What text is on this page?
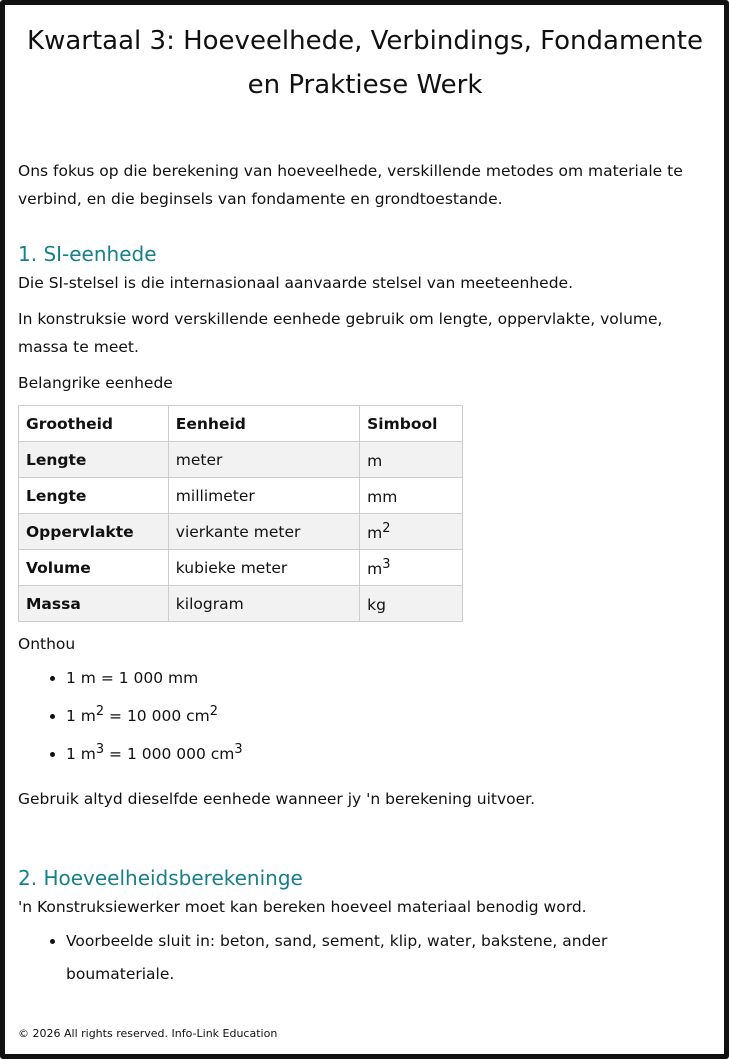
Kwartaal 3: Hoeveelhede, Verbindings, Fondamente en Praktiese Werk

Ons fokus op die berekening van hoeveelhede, verskillende metodes om materiale te verbind, en die beginsels van fondamente en grondtoestande.

1. SI-eenhede

Die SI-stelsel is die internasionaal aanvaarde stelsel van meeteenhede.

In konstruksie word verskillende eenhede gebruik om lengte, oppervlakte, volume, massa te meet.

Belangrike eenhede

Grootheid	Eenheid	Simbool
Lengte	meter	m
Lengte	millimeter	mm
Oppervlakte	vierkante meter	$m^2$
Volume	kubieke meter	$m^3$
Massa	kilogram	kg

Onthou

• 1 m = 1 000 mm
• 1 $m^2 = 10$ 000 $cm^2$
• 1 $m^3 = 1$ 000 000 $cm^3$

Gebruik altyd dieselfde eenhede wanneer jy 'n berekening uitvoer.

2. Hoeveelheidsberekeninge

'n Konstruksiewerker moet kan bereken hoeveel materiaal benodig word.

• Voorbeelde sluit in: beton, sand, sement, klip, water, bakstene, ander boumateriale.
© 2026 All rights reserved. Info-Link Education
